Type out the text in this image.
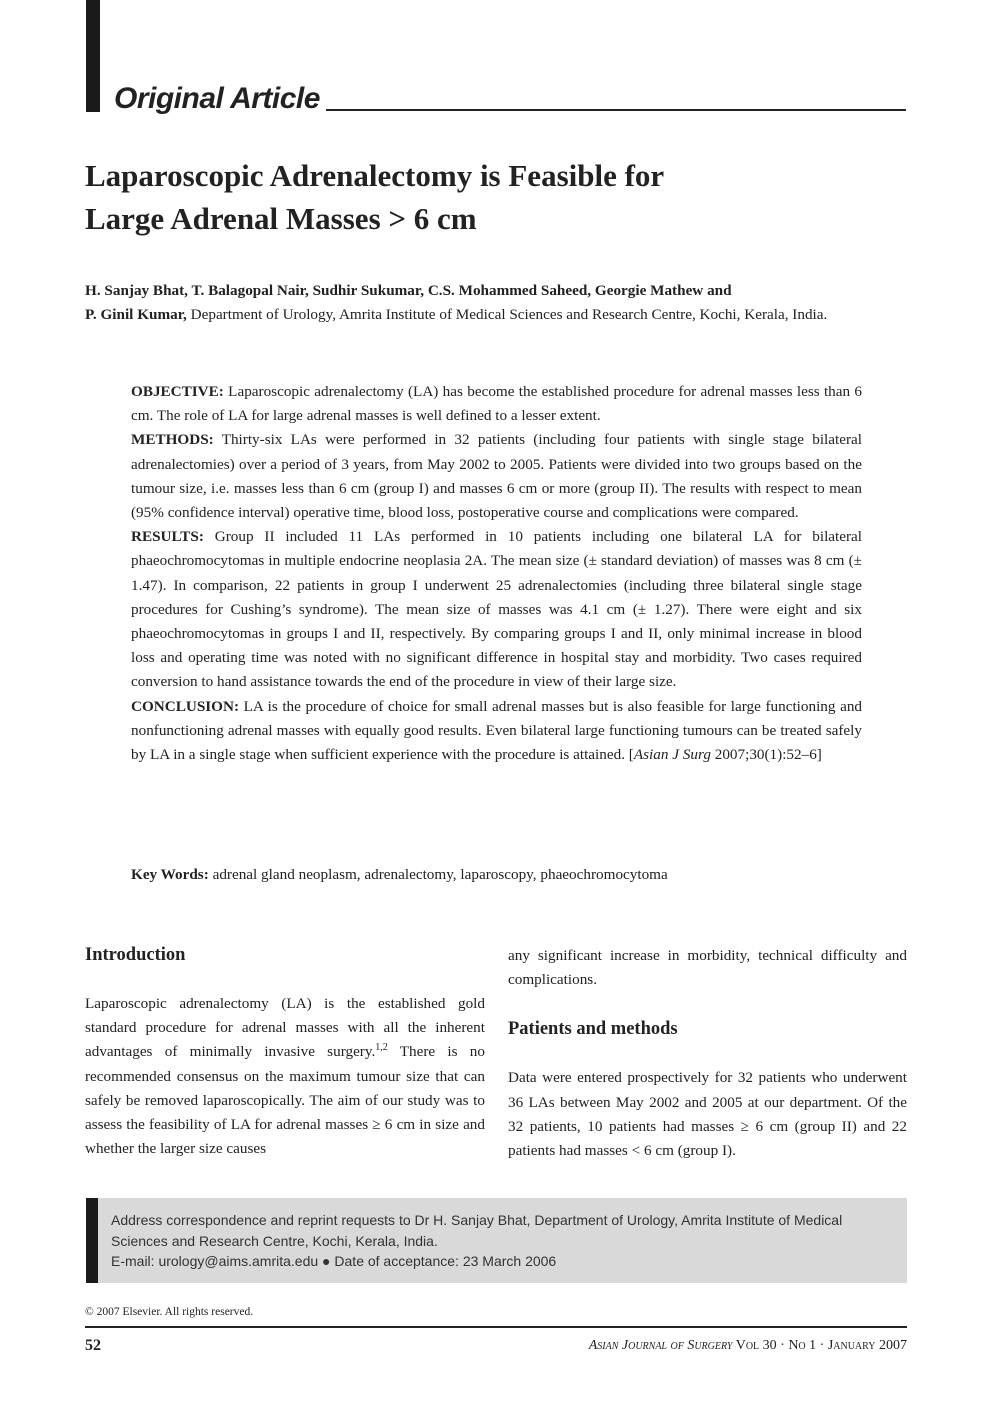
Original Article
Laparoscopic Adrenalectomy is Feasible for
Large Adrenal Masses > 6 cm
H. Sanjay Bhat, T. Balagopal Nair, Sudhir Sukumar, C.S. Mohammed Saheed, Georgie Mathew and
P. Ginil Kumar, Department of Urology, Amrita Institute of Medical Sciences and Research Centre, Kochi, Kerala, India.

OBJECTIVE: Laparoscopic adrenalectomy (LA) has become the established procedure for adrenal masses less than 6 cm. The role of LA for large adrenal masses is well defined to a lesser extent.

METHODS: Thirty-six LAs were performed in 32 patients (including four patients with single stage bilateral adrenalectomies) over a period of 3 years, from May 2002 to 2005. Patients were divided into two groups based on the tumour size, i.e. masses less than 6 cm (group I) and masses 6 cm or more (group II). The results with respect to mean (95% confidence interval) operative time, blood loss, postoperative course and complications were compared.

RESULTS: Group II included 11 LAs performed in 10 patients including one bilateral LA for bilateral phaeochromocytomas in multiple endocrine neoplasia 2A. The mean size (± standard deviation) of masses was 8 cm (± 1.47). In comparison, 22 patients in group I underwent 25 adrenalectomies (including three bilateral single stage procedures for Cushing’s syndrome). The mean size of masses was 4.1 cm (± 1.27). There were eight and six phaeochromocytomas in groups I and II, respectively. By comparing groups I and II, only minimal increase in blood loss and operating time was noted with no significant difference in hospital stay and morbidity. Two cases required conversion to hand assistance towards the end of the procedure in view of their large size.

CONCLUSION: LA is the procedure of choice for small adrenal masses but is also feasible for large functioning and nonfunctioning adrenal masses with equally good results. Even bilateral large functioning tumours can be treated safely by LA in a single stage when sufficient experience with the procedure is attained. [Asian J Surg 2007;30(1):52–6]

Key Words: adrenal gland neoplasm, adrenalectomy, laparoscopy, phaeochromocytoma
Introduction

Laparoscopic adrenalectomy (LA) is the established gold standard procedure for adrenal masses with all the inherent advantages of minimally invasive surgery.$^{1,2}$ There is no recommended consensus on the maximum tumour size that can safely be removed laparoscopically. The aim of our study was to assess the feasibility of LA for adrenal masses ≥ 6 cm in size and whether the larger size causes

any significant increase in morbidity, technical difficulty and complications.

Patients and methods

Data were entered prospectively for 32 patients who underwent 36 LAs between May 2002 and 2005 at our department. Of the 32 patients, 10 patients had masses ≥ 6 cm (group II) and 22 patients had masses < 6 cm (group I).

Address correspondence and reprint requests to Dr H. Sanjay Bhat, Department of Urology, Amrita Institute of Medical Sciences and Research Centre, Kochi, Kerala, India.
E-mail: urology@aims.amrita.edu ● Date of acceptance: 23 March 2006
© 2007 Elsevier. All rights reserved.
52	Asian Journal of Surgery Vol 30 · No 1 · January 2007
